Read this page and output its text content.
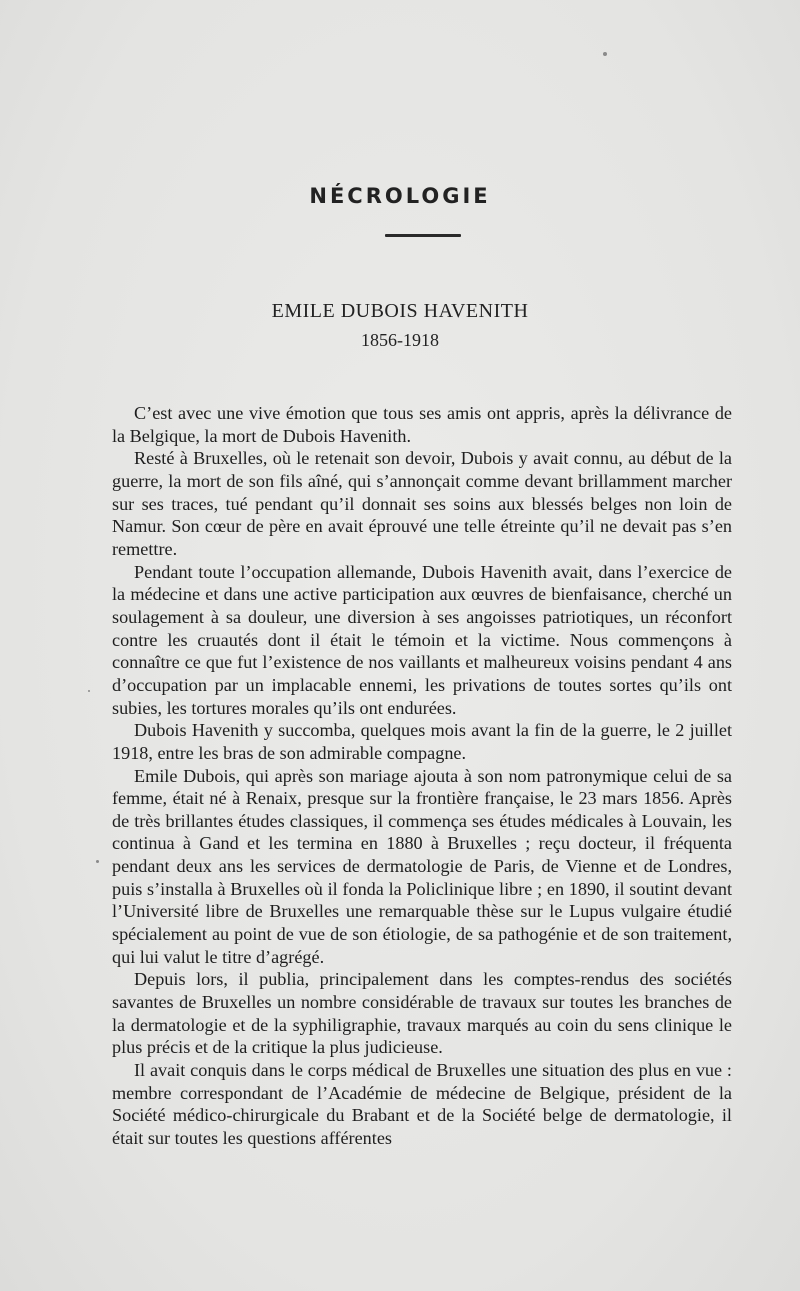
NÉCROLOGIE
EMILE DUBOIS HAVENITH
1856-1918

C’est avec une vive émotion que tous ses amis ont appris, après la délivrance de la Belgique, la mort de Dubois Havenith.

Resté à Bruxelles, où le retenait son devoir, Dubois y avait connu, au début de la guerre, la mort de son fils aîné, qui s’annonçait comme devant brillamment marcher sur ses traces, tué pendant qu’il donnait ses soins aux blessés belges non loin de Namur. Son cœur de père en avait éprouvé une telle étreinte qu’il ne devait pas s’en remettre.

Pendant toute l’occupation allemande, Dubois Havenith avait, dans l’exercice de la médecine et dans une active participation aux œuvres de bienfaisance, cherché un soulagement à sa douleur, une diversion à ses angoisses patriotiques, un réconfort contre les cruautés dont il était le témoin et la victime. Nous commençons à connaître ce que fut l’existence de nos vaillants et malheureux voisins pendant 4 ans d’occupation par un implacable ennemi, les privations de toutes sortes qu’ils ont subies, les tortures morales qu’ils ont endurées.

Dubois Havenith y succomba, quelques mois avant la fin de la guerre, le 2 juillet 1918, entre les bras de son admirable compagne.

Emile Dubois, qui après son mariage ajouta à son nom patronymique celui de sa femme, était né à Renaix, presque sur la frontière française, le 23 mars 1856. Après de très brillantes études classiques, il commença ses études médicales à Louvain, les continua à Gand et les termina en 1880 à Bruxelles ; reçu docteur, il fréquenta pendant deux ans les services de dermatologie de Paris, de Vienne et de Londres, puis s’installa à Bruxelles où il fonda la Policlinique libre ; en 1890, il soutint devant l’Université libre de Bruxelles une remarquable thèse sur le Lupus vulgaire étudié spécialement au point de vue de son étiologie, de sa pathogénie et de son traitement, qui lui valut le titre d’agrégé.

Depuis lors, il publia, principalement dans les comptes-rendus des sociétés savantes de Bruxelles un nombre considérable de travaux sur toutes les branches de la dermatologie et de la syphiligraphie, travaux marqués au coin du sens clinique le plus précis et de la critique la plus judicieuse.

Il avait conquis dans le corps médical de Bruxelles une situation des plus en vue : membre correspondant de l’Académie de médecine de Belgique, président de la Société médico-chirurgicale du Brabant et de la Société belge de dermatologie, il était sur toutes les questions afférentes
